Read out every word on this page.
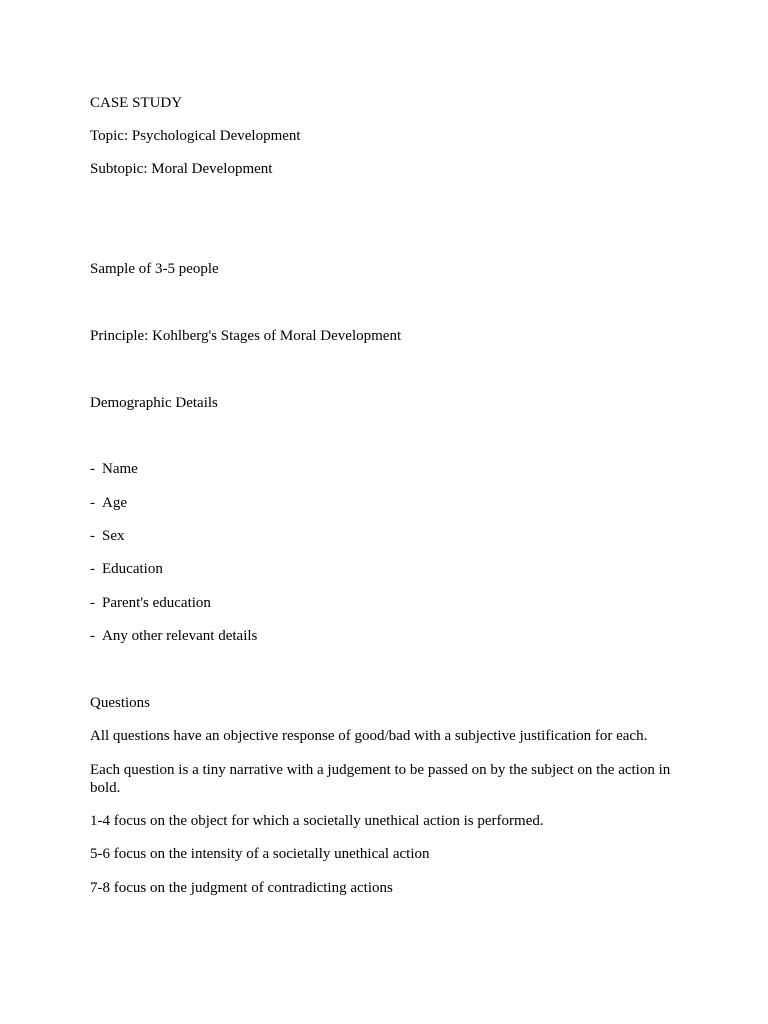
CASE STUDY
Topic: Psychological Development
Subtopic: Moral Development
Sample of 3-5 people
Principle: Kohlberg's Stages of Moral Development
Demographic Details
- Name
- Age
- Sex
- Education
- Parent's education
- Any other relevant details
Questions
All questions have an objective response of good/bad with a subjective justification for each.
Each question is a tiny narrative with a judgement to be passed on by the subject on the action in bold.
1-4 focus on the object for which a societally unethical action is performed.
5-6 focus on the intensity of a societally unethical action
7-8 focus on the judgment of contradicting actions
